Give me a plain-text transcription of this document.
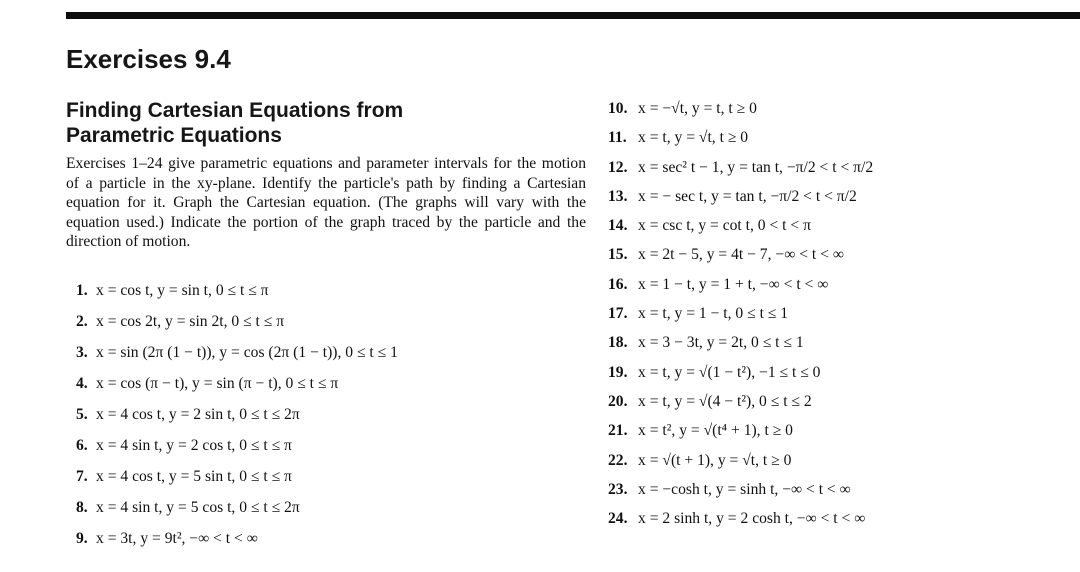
Exercises 9.4
Finding Cartesian Equations from
Parametric Equations
Exercises 1–24 give parametric equations and parameter intervals for the motion of a particle in the xy-plane. Identify the particle's path by finding a Cartesian equation for it. Graph the Cartesian equation. (The graphs will vary with the equation used.) Indicate the portion of the graph traced by the particle and the direction of motion.
1. x = cos t, y = sin t, 0 ≤ t ≤ π
2. x = cos 2t, y = sin 2t, 0 ≤ t ≤ π
3. x = sin (2π (1 − t)), y = cos (2π (1 − t)), 0 ≤ t ≤ 1
4. x = cos (π − t), y = sin (π − t), 0 ≤ t ≤ π
5. x = 4 cos t, y = 2 sin t, 0 ≤ t ≤ 2π
6. x = 4 sin t, y = 2 cos t, 0 ≤ t ≤ π
7. x = 4 cos t, y = 5 sin t, 0 ≤ t ≤ π
8. x = 4 sin t, y = 5 cos t, 0 ≤ t ≤ 2π
9. x = 3t, y = 9t², −∞ < t < ∞
10. x = −√t, y = t, t ≥ 0
11. x = t, y = √t, t ≥ 0
12. x = sec² t − 1, y = tan t, −π/2 < t < π/2
13. x = − sec t, y = tan t, −π/2 < t < π/2
14. x = csc t, y = cot t, 0 < t < π
15. x = 2t − 5, y = 4t − 7, −∞ < t < ∞
16. x = 1 − t, y = 1 + t, −∞ < t < ∞
17. x = t, y = 1 − t, 0 ≤ t ≤ 1
18. x = 3 − 3t, y = 2t, 0 ≤ t ≤ 1
19. x = t, y = √(1 − t²), −1 ≤ t ≤ 0
20. x = t, y = √(4 − t²), 0 ≤ t ≤ 2
21. x = t², y = √(t⁴ + 1), t ≥ 0
22. x = √(t + 1), y = √t, t ≥ 0
23. x = −cosh t, y = sinh t, −∞ < t < ∞
24. x = 2 sinh t, y = 2 cosh t, −∞ < t < ∞
